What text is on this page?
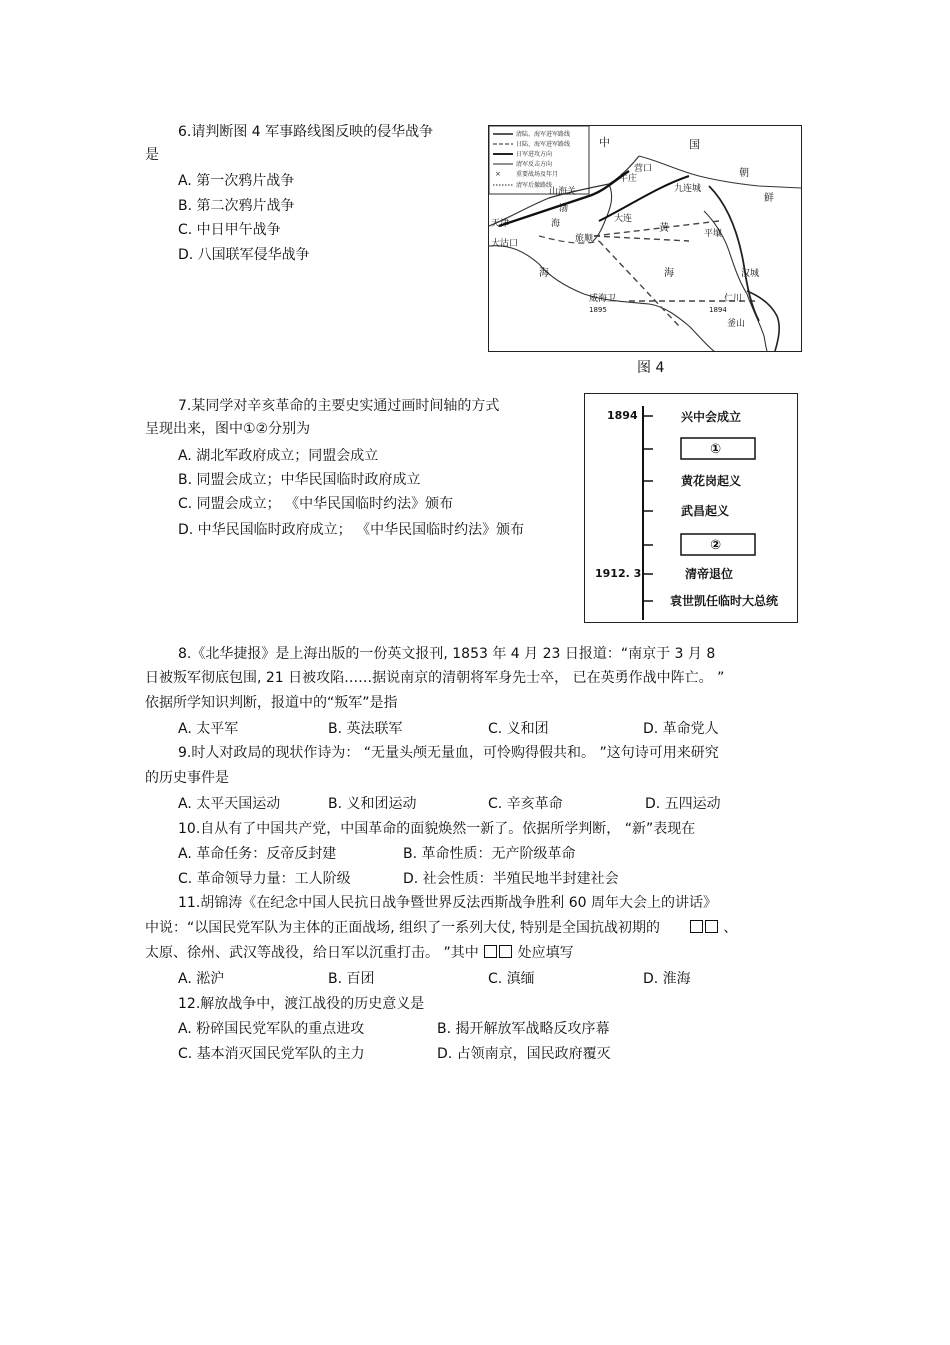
6.请判断图 4 军事路线图反映的侵华战争
是
A. 第一次鸦片战争
B. 第二次鸦片战争
C. 中日甲午战争
D. 八国联军侵华战争
清陆、海军进军路线
日陆、海军进军路线
日军进攻方向
清军反击方向
×	重要战场及年月
清军后撤路线
中	国
营口
牛庄
九连城
朝
鲜
山海关
天津
大沽口
渤
海	大连
旅顺	平壤
黄
海
海
威海卫
1895
汉城
仁川
1894
釜山
图 4
7.某同学对辛亥革命的主要史实通过画时间轴的方式
呈现出来，图中①②分别为
A. 湖北军政府成立；同盟会成立
B. 同盟会成立；中华民国临时政府成立
C. 同盟会成立； 《中华民国临时约法》颁布
D. 中华民国临时政府成立； 《中华民国临时约法》颁布
1894
1912. 3
兴中会成立
①
黄花岗起义
武昌起义
②
清帝退位
袁世凯任临时大总统
8.《北华捷报》是上海出版的一份英文报刊, 1853 年 4 月 23 日报道：“南京于 3 月 8
日被叛军彻底包围, 21 日被攻陷……据说南京的清朝将军身先士卒， 已在英勇作战中阵亡。 ”
依据所学知识判断，报道中的“叛军”是指
A. 太平军	B. 英法联军	C. 义和团	D. 革命党人
9.时人对政局的现状作诗为： “无量头颅无量血，可怜购得假共和。 ”这句诗可用来研究
的历史事件是
A. 太平天国运动	B. 义和团运动	C. 辛亥革命	D. 五四运动
10.自从有了中国共产党，中国革命的面貌焕然一新了。依据所学判断， “新”表现在
A. 革命任务：反帝反封建	B. 革命性质：无产阶级革命
C. 革命领导力量：工人阶级	D. 社会性质：半殖民地半封建社会
11.胡锦涛《在纪念中国人民抗日战争暨世界反法西斯战争胜利 60 周年大会上的讲话》
中说：“以国民党军队为主体的正面战场, 组织了一系列大仗, 特别是全国抗战初期的	、
太原、徐州、武汉等战役，给日军以沉重打击。 ”其中	处应填写
A. 淞沪	B. 百团	C. 滇缅	D. 淮海
12.解放战争中，渡江战役的历史意义是
A. 粉碎国民党军队的重点进攻	B. 揭开解放军战略反攻序幕
C. 基本消灭国民党军队的主力	D. 占领南京，国民政府覆灭
